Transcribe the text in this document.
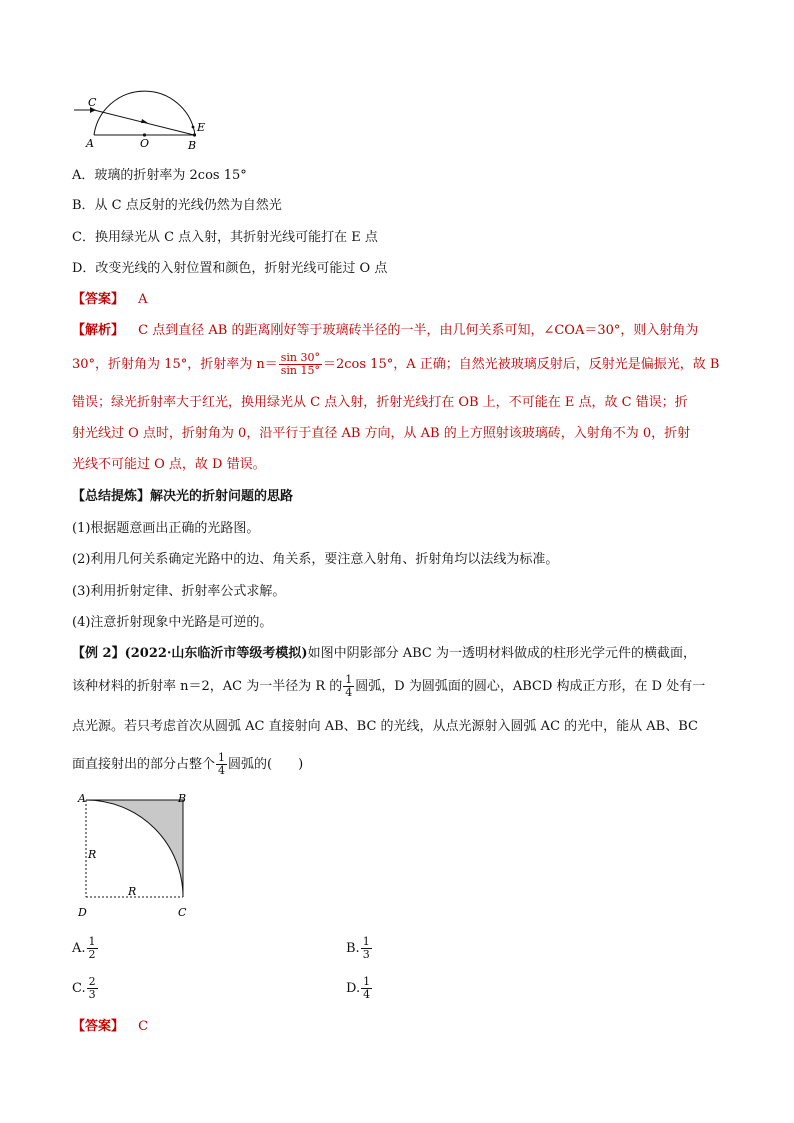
C
A	O	B
E
A．玻璃的折射率为 2cos 15°
B．从 C 点反射的光线仍然为自然光
C．换用绿光从 C 点入射，其折射光线可能打在 E 点
D．改变光线的入射位置和颜色，折射光线可能过 O 点
【答案】 A
【解析】 C 点到直径 AB 的距离刚好等于玻璃砖半径的一半，由几何关系可知，∠COA＝30°，则入射角为
30°，折射角为 15°，折射率为 $n= \frac{\sin 30^\circ}{\sin 15^\circ} =2\cos$ 15°，A 正确；自然光被玻璃反射后，反射光是偏振光，故 B
错误；绿光折射率大于红光，换用绿光从 C 点入射，折射光线打在 OB 上，不可能在 E 点，故 C 错误；折
射光线过 O 点时，折射角为 0，沿平行于直径 AB 方向，从 AB 的上方照射该玻璃砖，入射角不为 0，折射
光线不可能过 O 点，故 D 错误。
【总结提炼】解决光的折射问题的思路
(1)根据题意画出正确的光路图。
(2)利用几何关系确定光路中的边、角关系，要注意入射角、折射角均以法线为标准。
(3)利用折射定律、折射率公式求解。
(4)注意折射现象中光路是可逆的。
【例 2】(2022·山东临沂市等级考模拟)如图中阴影部分 ABC 为一透明材料做成的柱形光学元件的横截面，
该种材料的折射率 n＝2，AC 为一半径为 R 的 $\frac{1}{4}$ 圆弧，D 为圆弧面的圆心，ABCD 构成正方形，在 D 处有一
点光源。若只考虑首次从圆弧 AC 直接射向 AB、BC 的光线，从点光源射入圆弧 AC 的光中，能从 AB、BC
面直接射出的部分占整个 $\frac{1}{4}$ 圆弧的(　　)
A	B
D	C
R
R
A. $\frac{1}{2}$	B. $\frac{1}{3}$
C. $\frac{2}{3}$	D. $\frac{1}{4}$
【答案】 C
